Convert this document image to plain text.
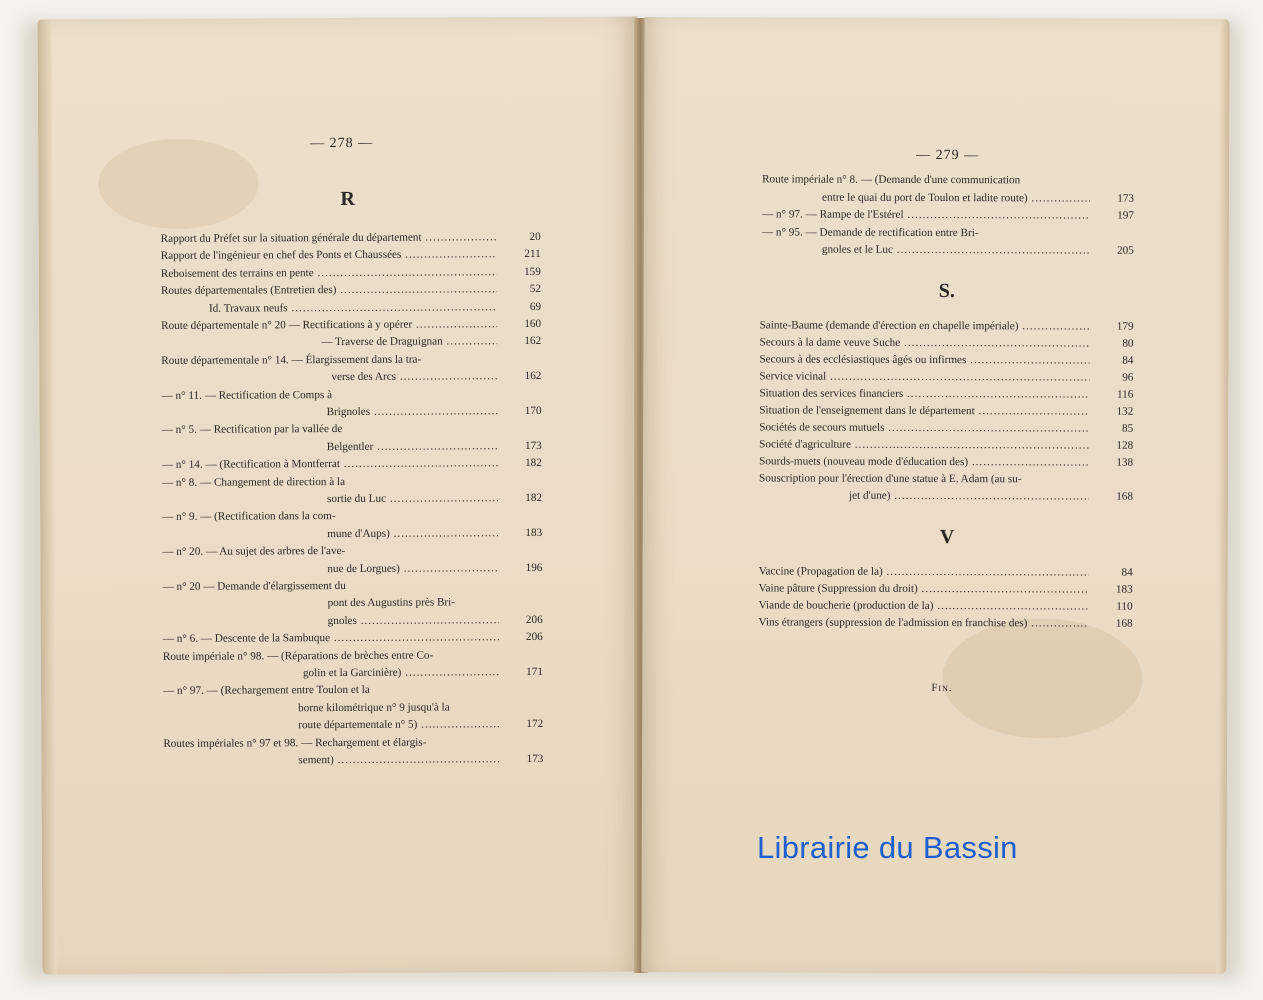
— 278 —
R
Rapport du Préfet sur la situation générale du département .....	20
Rapport de l'ingénieur en chef des Ponts et Chaussées .....	211
Reboisement des terrains en pente .....	159
Routes départementales (Entretien des) .....	52
Id. Travaux neufs .....	69
Route départementale n° 20 — Rectifications à y opérer .....	160
— Traverse de Draguignan .....	162
Route départementale n° 14. — Élargissement dans la tra-
verse des Arcs .....	162
— n° 11. — Rectification de Comps à
Brignoles .....	170
— n° 5. — Rectification par la vallée de
Belgentler .....	173
— n° 14. — (Rectification à Montferrat .....	182
— n° 8. — Changement de direction à la
sortie du Luc .....	182
— n° 9. — (Rectification dans la com-
mune d'Aups) .....	183
— n° 20. — Au sujet des arbres de l'ave-
nue de Lorgues) .....	196
— n° 20 — Demande d'élargissement du
pont des Augustins près Bri-
gnoles .....	206
— n° 6. — Descente de la Sambuque .....	206
Route impériale n° 98. — (Réparations de brèches entre Co-
golin et la Garcinière) .....	171
— n° 97. — (Rechargement entre Toulon et la
borne kilométrique n° 9 jusqu'à la
route départementale n° 5) .....	172
Routes impériales n° 97 et 98. — Rechargement et élargis-
sement) .....	173
— 279 —
Route impériale n° 8. — (Demande d'une communication
entre le quai du port de Toulon et ladite route) .....	173
— n° 97. — Rampe de l'Estérel .....	197
— n° 95. — Demande de rectification entre Bri-
gnoles et le Luc .....	205
S.
Sainte-Baume (demande d'érection en chapelle impériale) .....	179
Secours à la dame veuve Suche .....	80
Secours à des ecclésiastiques âgés ou infirmes .....	84
Service vicinal .....	96
Situation des services financiers .....	116
Situation de l'enseignement dans le département .....	132
Sociétés de secours mutuels .....	85
Société d'agriculture .....	128
Sourds-muets (nouveau mode d'éducation des) .....	138
Souscription pour l'érection d'une statue à E. Adam (au su-
jet d'une) .....	168
V
Vaccine (Propagation de la) .....	84
Vaine pâture (Suppression du droit) .....	183
Viande de boucherie (production de la) .....	110
Vins étrangers (suppression de l'admission en franchise des) .....	168
Fin.
Librairie du Bassin
